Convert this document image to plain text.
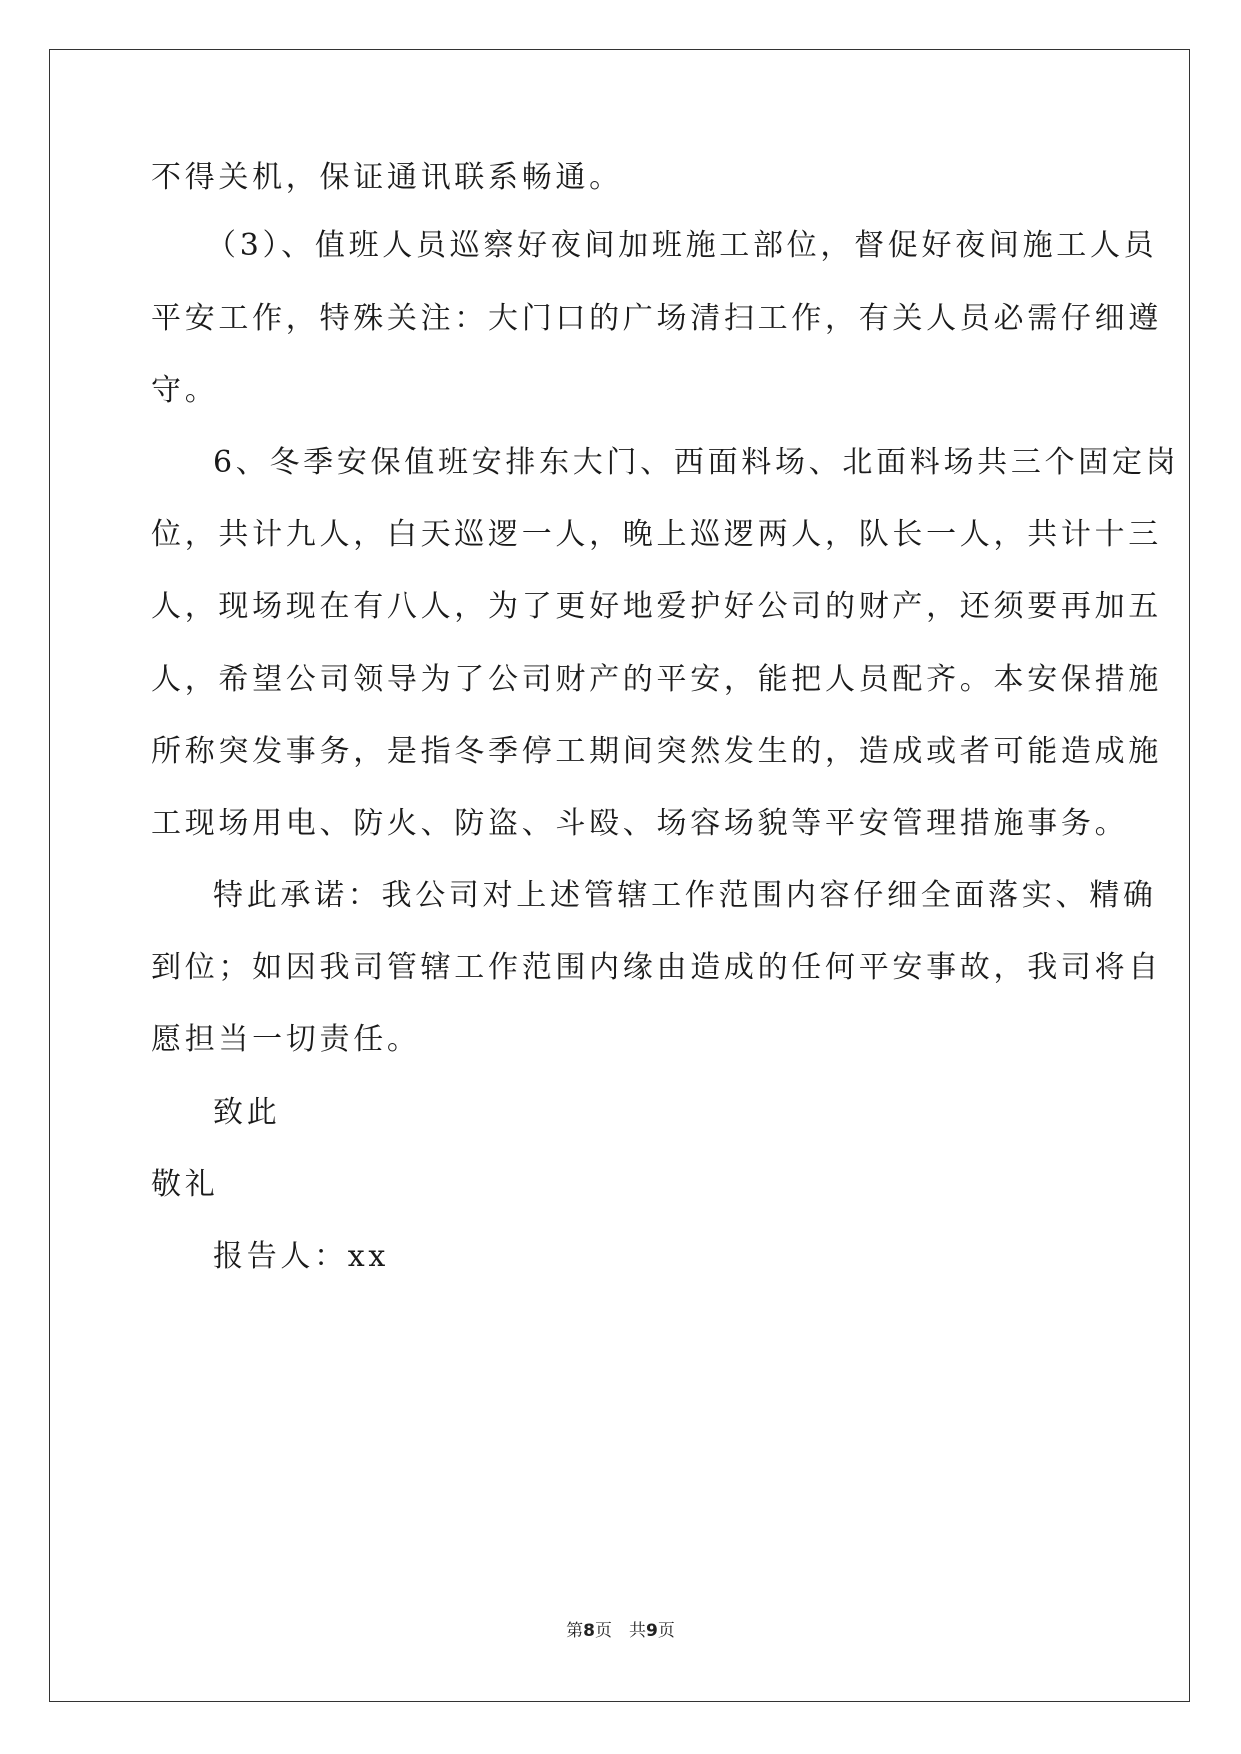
不得关机，保证通讯联系畅通。
（3）、值班人员巡察好夜间加班施工部位，督促好夜间施工人员
平安工作，特殊关注：大门口的广场清扫工作，有关人员必需仔细遵
守。
6、冬季安保值班安排东大门、西面料场、北面料场共三个固定岗
位，共计九人，白天巡逻一人，晚上巡逻两人，队长一人，共计十三
人，现场现在有八人，为了更好地爱护好公司的财产，还须要再加五
人，希望公司领导为了公司财产的平安，能把人员配齐。本安保措施
所称突发事务，是指冬季停工期间突然发生的，造成或者可能造成施
工现场用电、防火、防盗、斗殴、场容场貌等平安管理措施事务。
特此承诺：我公司对上述管辖工作范围内容仔细全面落实、精确
到位；如因我司管辖工作范围内缘由造成的任何平安事故，我司将自
愿担当一切责任。
致此
敬礼
报告人：xx
第8页　共9页
